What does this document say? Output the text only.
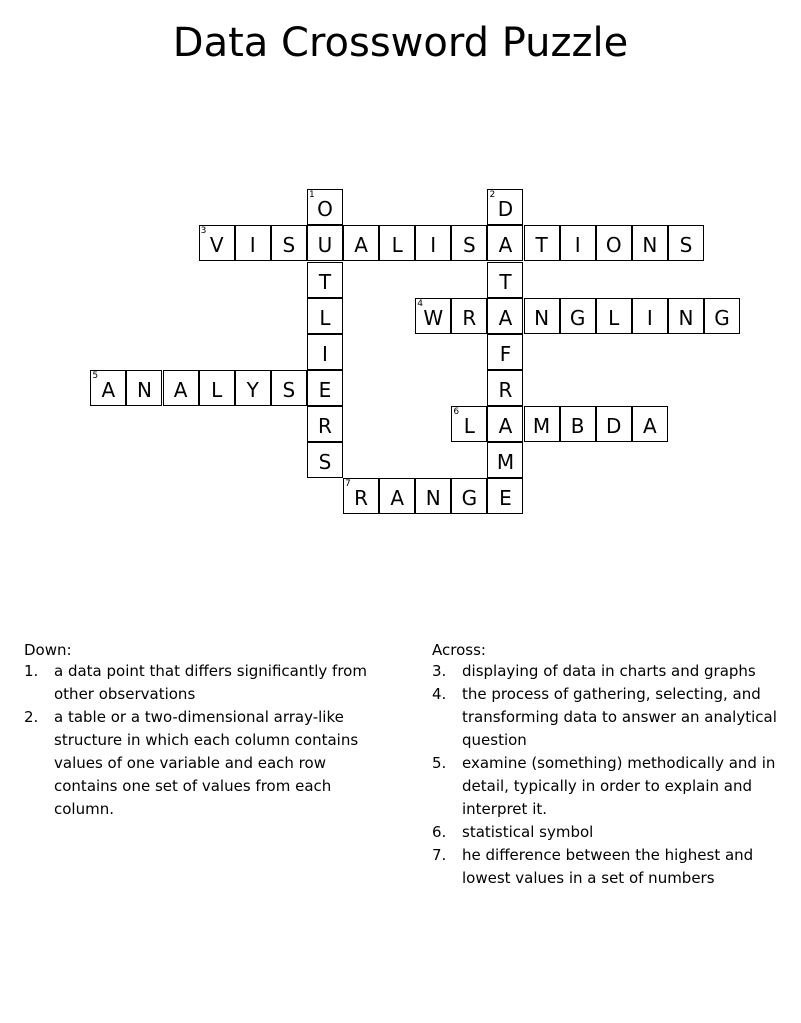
Data Crossword Puzzle
1
O
U
T
L
I
E
R
S
2
D
A
T
A
F
R
A
M
E
3
V	I	S	A	L	I	S	T	I	O	N	S
4
W R	N	G	L	I	N	G
5
A	N	A	L	Y	S
6
L	M	B	D	A
7
R	A	N	G
Down:
1. a data point that differs significantly from other observations
2. a table or a two-dimensional array-like structure in which each column contains values of one variable and each row contains one set of values from each column.
Across:
3. displaying of data in charts and graphs
4. the process of gathering, selecting, and transforming data to answer an analytical question
5. examine (something) methodically and in detail, typically in order to explain and interpret it.
6. statistical symbol
7. he difference between the highest and lowest values in a set of numbers
